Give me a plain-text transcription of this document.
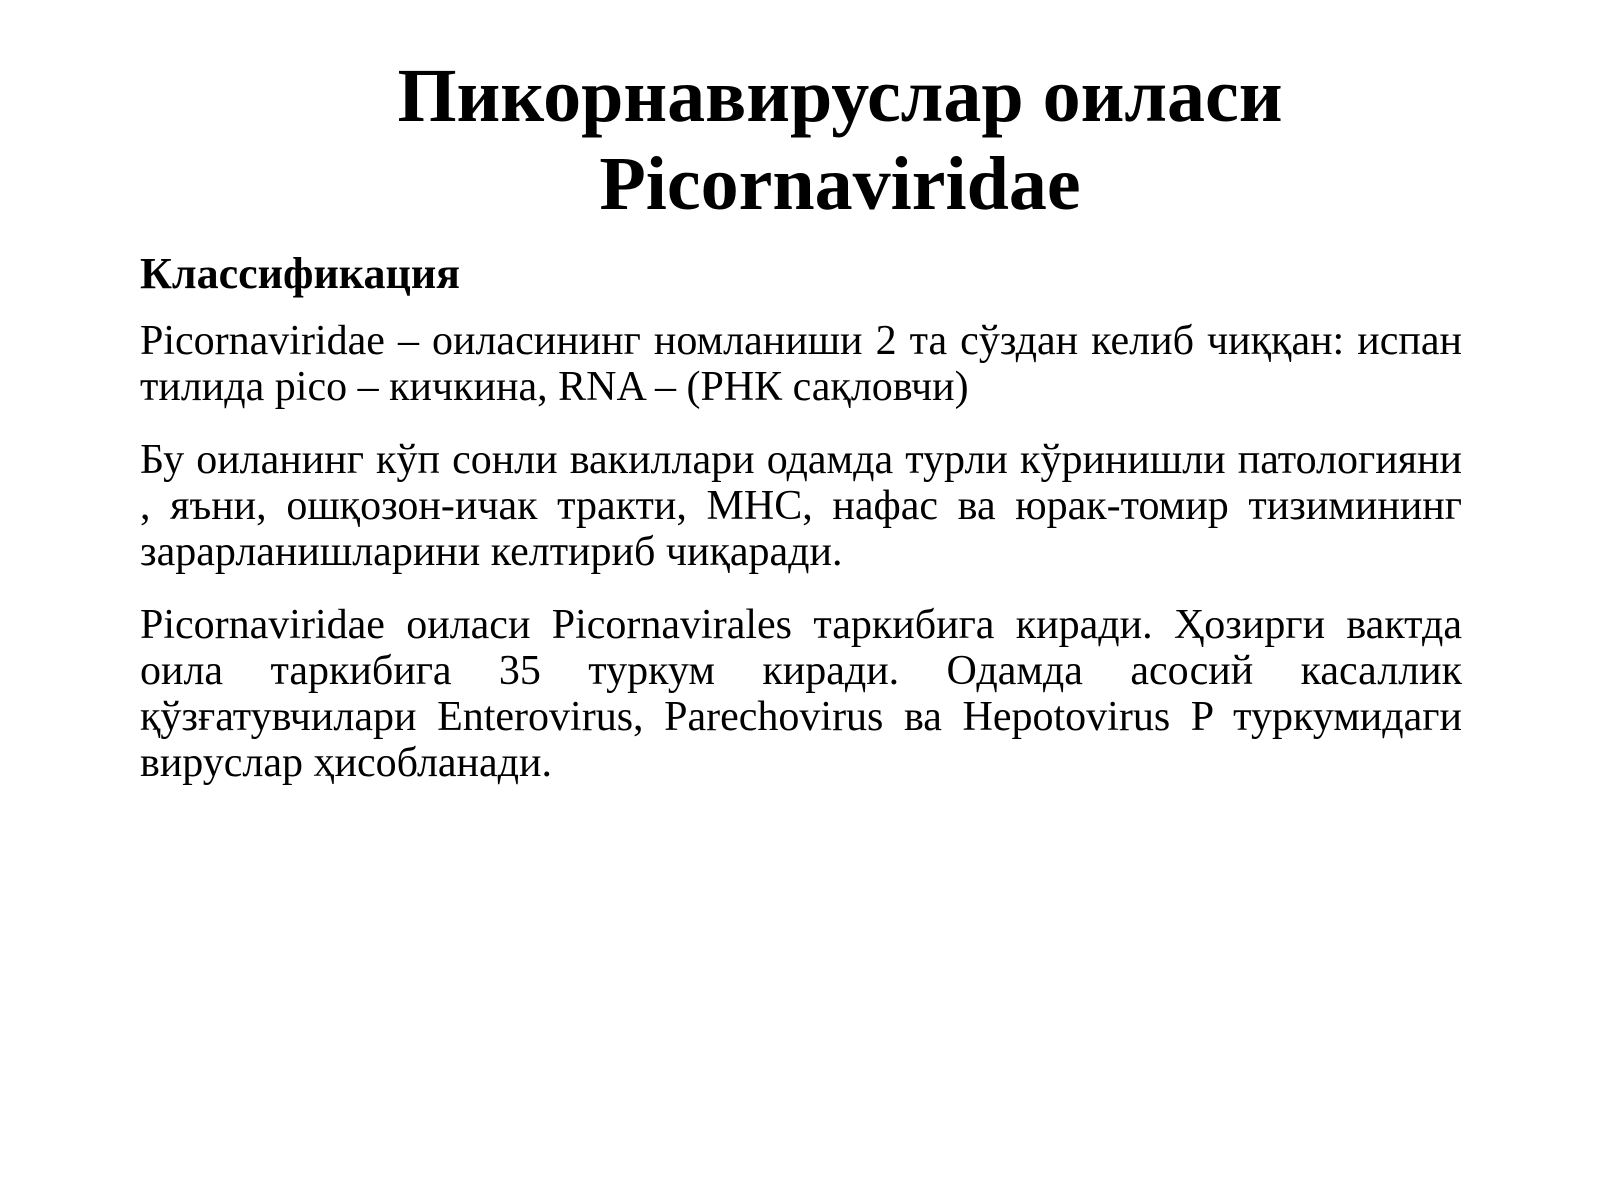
Пикорнавируслар оиласи
Picornaviridae

Классификация

Picornaviridae – оиласининг номланиши 2 та сўздан келиб чиққан: испан тилида pico – кичкина, RNA – (РНК сақловчи)

Бу оиланинг кўп сонли вакиллари одамда турли кўринишли патологияни , яъни, ошқозон-ичак тракти, МНС, нафас ва юрак-томир тизимининг зарарланишларини келтириб чиқаради.

Picornaviridae оиласи Picornavirales таркибига киради. Ҳозирги вактда оила таркибига 35 туркум киради. Одамда асосий касаллик қўзғатувчилари Enterovirus, Parechovirus ва Hepotovirus P туркумидаги вируслар ҳисобланади.
